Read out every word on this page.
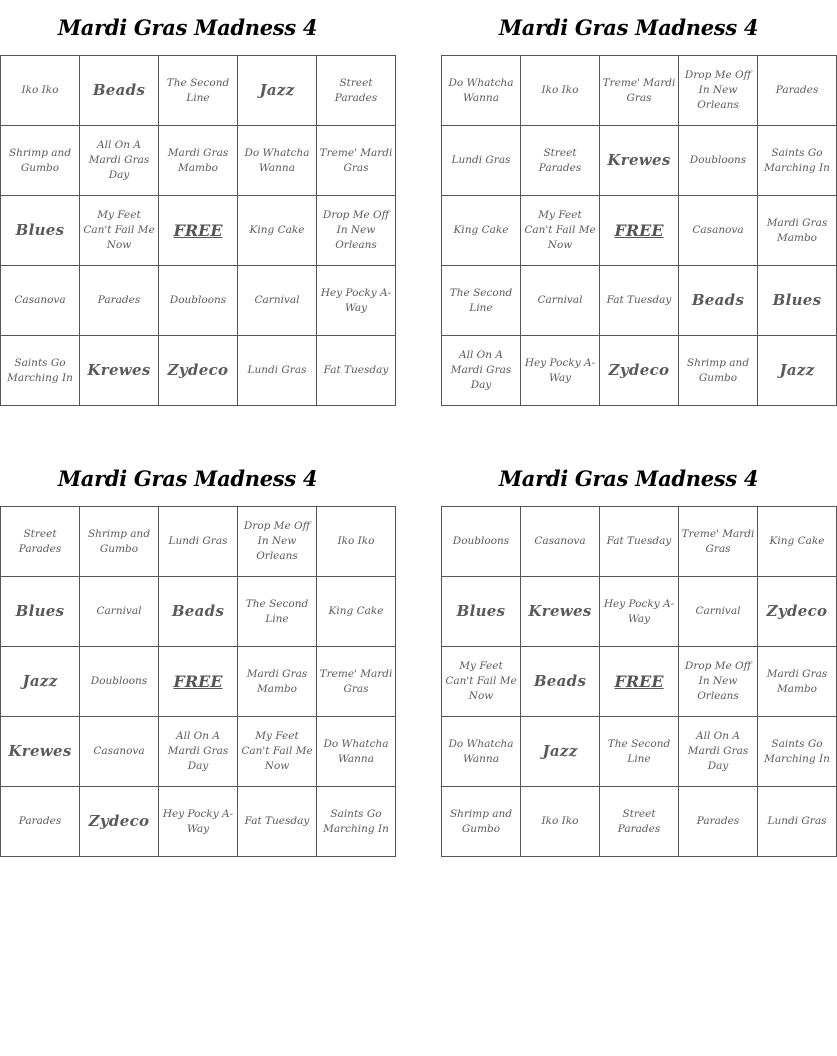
Mardi Gras Madness 4
Iko Iko	Beads	The Second Line	Jazz	Street Parades
Shrimp and Gumbo	All On A Mardi Gras Day	Mardi Gras Mambo	Do Whatcha Wanna	Treme' Mardi Gras
Blues	My Feet Can't Fail Me Now	FREE	King Cake	Drop Me Off In New Orleans
Casanova	Parades	Doubloons	Carnival	Hey Pocky A-Way
Saints Go Marching In	Krewes	Zydeco	Lundi Gras	Fat Tuesday
Mardi Gras Madness 4
Do Whatcha Wanna	Iko Iko	Treme' Mardi Gras	Drop Me Off In New Orleans	Parades
Lundi Gras	Street Parades	Krewes	Doubloons	Saints Go Marching In
King Cake	My Feet Can't Fail Me Now	FREE	Casanova	Mardi Gras Mambo
The Second Line	Carnival	Fat Tuesday	Beads	Blues
All On A Mardi Gras Day	Hey Pocky A-Way	Zydeco	Shrimp and Gumbo	Jazz
Mardi Gras Madness 4
Street Parades	Shrimp and Gumbo	Lundi Gras	Drop Me Off In New Orleans	Iko Iko
Blues	Carnival	Beads	The Second Line	King Cake
Jazz	Doubloons	FREE	Mardi Gras Mambo	Treme' Mardi Gras
Krewes	Casanova	All On A Mardi Gras Day	My Feet Can't Fail Me Now	Do Whatcha Wanna
Parades	Zydeco	Hey Pocky A-Way	Fat Tuesday	Saints Go Marching In
Mardi Gras Madness 4
Doubloons	Casanova	Fat Tuesday	Treme' Mardi Gras	King Cake
Blues	Krewes	Hey Pocky A-Way	Carnival	Zydeco
My Feet Can't Fail Me Now	Beads	FREE	Drop Me Off In New Orleans	Mardi Gras Mambo
Do Whatcha Wanna	Jazz	The Second Line	All On A Mardi Gras Day	Saints Go Marching In
Shrimp and Gumbo	Iko Iko	Street Parades	Parades	Lundi Gras
